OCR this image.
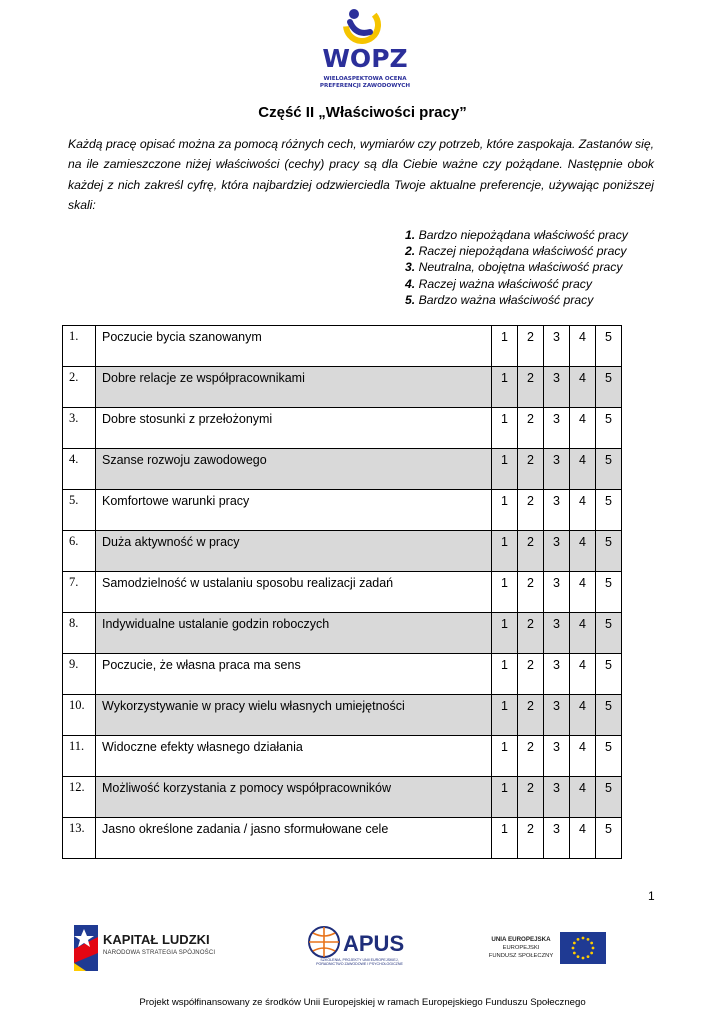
WOPZ
WIELOASPEKTOWA OCENA
PREFERENCJI ZAWODOWYCH
Część II „Właściwości pracy”

Każdą pracę opisać można za pomocą różnych cech, wymiarów czy potrzeb, które zaspokaja. Zastanów się, na ile zamieszczone niżej właściwości (cechy) pracy są dla Ciebie ważne czy pożądane. Następnie obok każdej z nich zakreśl cyfrę, która najbardziej odzwierciedla Twoje aktualne preferencje, używając poniższej skali:

1. Bardzo niepożądana właściwość pracy
2. Raczej niepożądana właściwość pracy
3. Neutralna, obojętna właściwość pracy
4. Raczej ważna właściwość pracy
5. Bardzo ważna właściwość pracy
1.	Poczucie bycia szanowanym	1	2	3	4	5
2.	Dobre relacje ze współpracownikami	1	2	3	4	5
3.	Dobre stosunki z przełożonymi	1	2	3	4	5
4.	Szanse rozwoju zawodowego	1	2	3	4	5
5.	Komfortowe warunki pracy	1	2	3	4	5
6.	Duża aktywność w pracy	1	2	3	4	5
7.	Samodzielność w ustalaniu sposobu realizacji zadań	1	2	3	4	5
8.	Indywidualne ustalanie godzin roboczych	1	2	3	4	5
9.	Poczucie, że własna praca ma sens	1	2	3	4	5
10.	Wykorzystywanie w pracy wielu własnych umiejętności	1	2	3	4	5
11.	Widoczne efekty własnego działania	1	2	3	4	5
12.	Możliwość korzystania z pomocy współpracowników	1	2	3	4	5
13.	Jasno określone zadania / jasno sformułowane cele	1	2	3	4	5
1
KAPITAŁ LUDZKI
NARODOWA STRATEGIA SPÓJNOŚCI	APUS
SZKOLENIA, PROJEKTY UNII EUROPEJSKIEJ, PORADNICTWO ZAWODOWE I PSYCHOLOGICZNE
UNIA EUROPEJSKA
EUROPEJSKI
FUNDUSZ SPOŁECZNY
Projekt współfinansowany ze środków Unii Europejskiej w ramach Europejskiego Funduszu Społecznego
